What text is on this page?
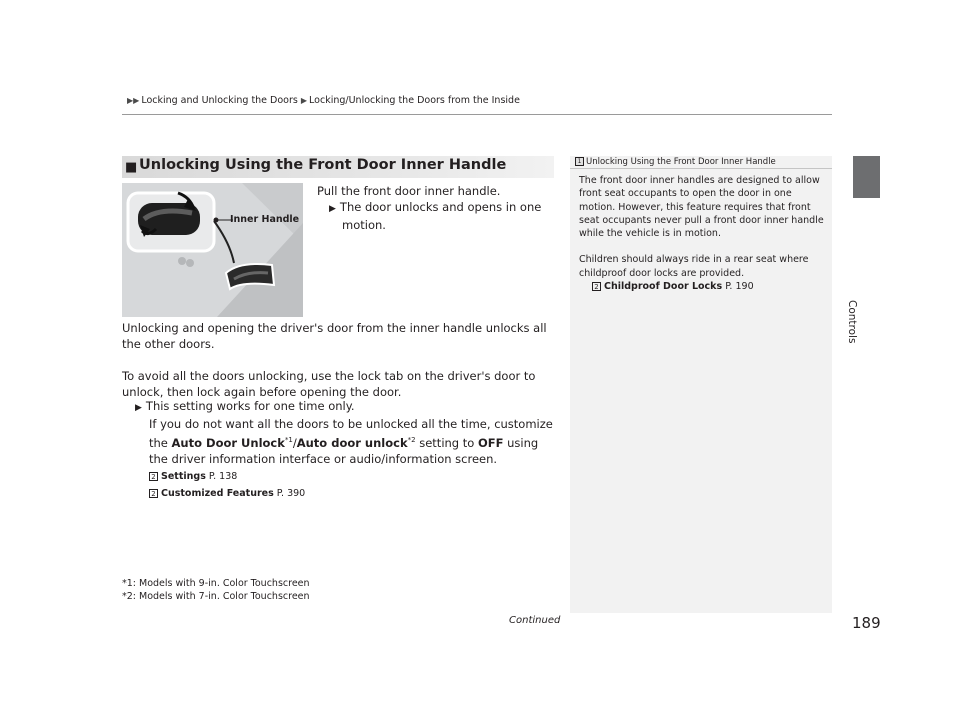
▶▶ Locking and Unlocking the Doors ▶ Locking/Unlocking the Doors from the Inside
Controls
■ Unlocking Using the Front Door Inner Handle
Inner Handle
Pull the front door inner handle.
▶ The door unlocks and opens in one motion.
Unlocking and opening the driver's door from the inner handle unlocks all the other doors.
To avoid all the doors unlocking, use the lock tab on the driver's door to unlock, then lock again before opening the door.
▶ This setting works for one time only.
If you do not want all the doors to be unlocked all the time, customize the Auto Door Unlock$^{*1}$/Auto door unlock$^{*2}$ setting to OFF using the driver information interface or audio/information screen.
2 Settings P. 138
2 Customized Features P. 390
*1: Models with 9-in. Color Touchscreen
*2: Models with 7-in. Color Touchscreen
1 Unlocking Using the Front Door Inner Handle

The front door inner handles are designed to allow front seat occupants to open the door in one motion. However, this feature requires that front seat occupants never pull a front door inner handle while the vehicle is in motion.

Children should always ride in a rear seat where childproof door locks are provided.

2 Childproof Door Locks P. 190
Continued	189
